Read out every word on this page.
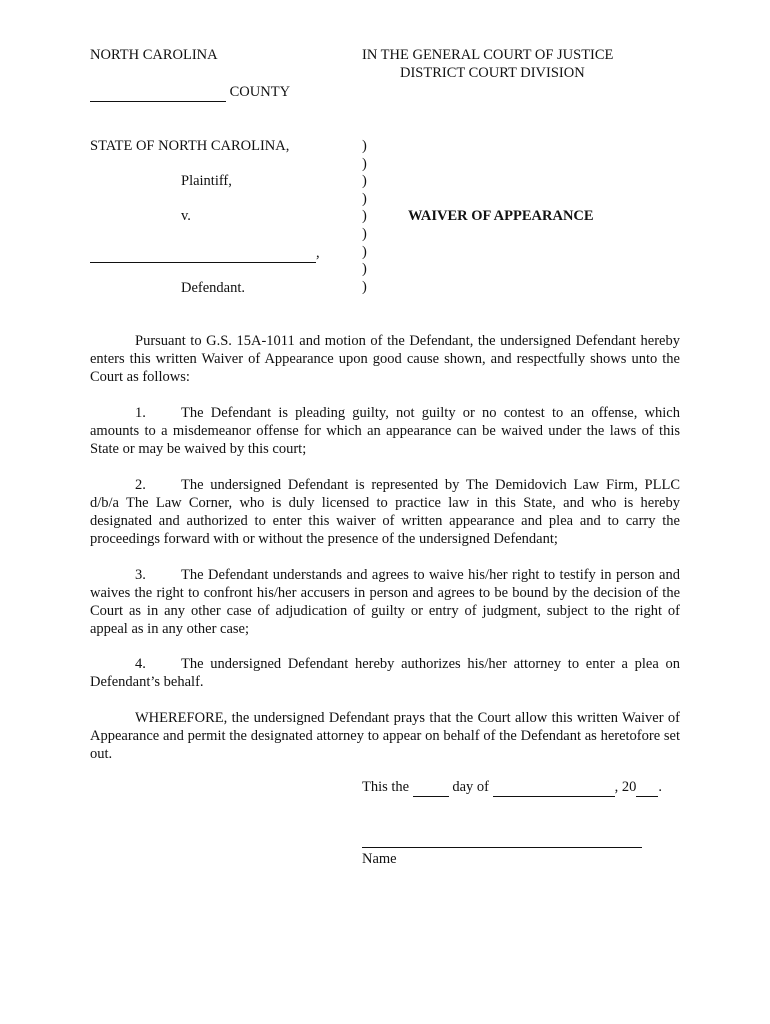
NORTH CAROLINA	IN THE GENERAL COURT OF JUSTICE
DISTRICT COURT DIVISION
COUNTY
STATE OF NORTH CAROLINA,
Plaintiff,
v.
,
Defendant.
)
)
)
)
)
)
)
)
)
WAIVER OF APPEARANCE
Pursuant to G.S. 15A-1011 and motion of the Defendant, the undersigned Defendant hereby enters this written Waiver of Appearance upon good cause shown, and respectfully shows unto the Court as follows:
1. The Defendant is pleading guilty, not guilty or no contest to an offense, which amounts to a misdemeanor offense for which an appearance can be waived under the laws of this State or may be waived by this court;
2. The undersigned Defendant is represented by The Demidovich Law Firm, PLLC d/b/a The Law Corner, who is duly licensed to practice law in this State, and who is hereby designated and authorized to enter this waiver of written appearance and plea and to carry the proceedings forward with or without the presence of the undersigned Defendant;
3. The Defendant understands and agrees to waive his/her right to testify in person and waives the right to confront his/her accusers in person and agrees to be bound by the decision of the Court as in any other case of adjudication of guilty or entry of judgment, subject to the right of appeal as in any other case;
4. The undersigned Defendant hereby authorizes his/her attorney to enter a plea on Defendant’s behalf.
WHEREFORE, the undersigned Defendant prays that the Court allow this written Waiver of Appearance and permit the designated attorney to appear on behalf of the Defendant as heretofore set out.
This the	day of	, 20 .
Name
